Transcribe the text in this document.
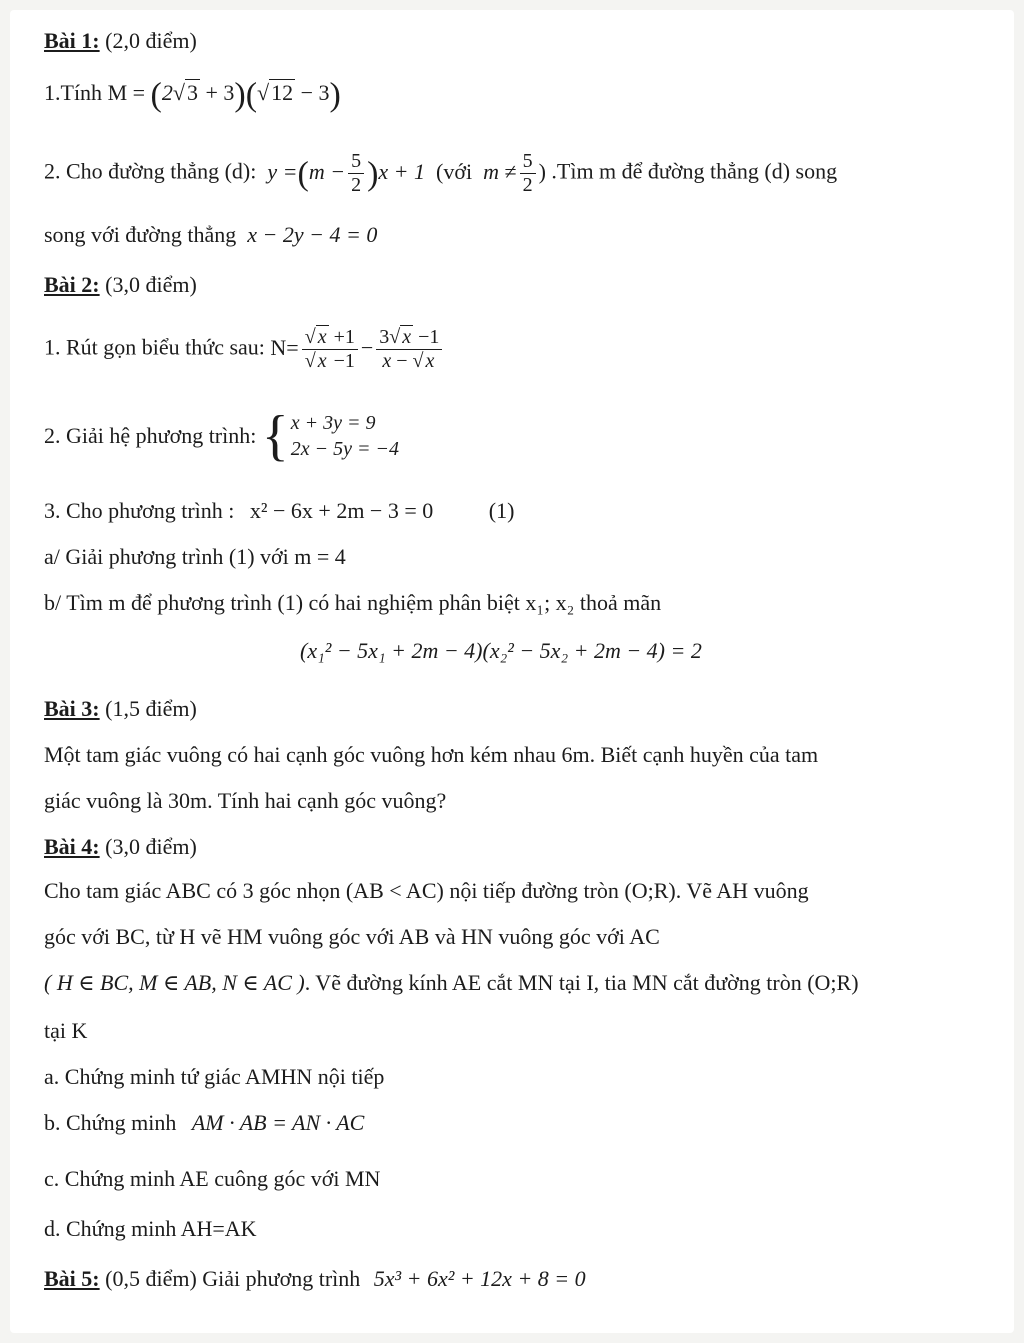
Bài 1: (2,0 điểm)
1.Tính M = (2√3 + 3)(√12 − 3)
2. Cho đường thẳng (d):  $y =(m - \frac{5}{2} )x + 1$  (với  $m \ne \frac{5}{2}$ ) .Tìm m để đường thẳng (d) song
song với đường thẳng x − 2y − 4 = 0
Bài 2: (3,0 điểm)
1. Rút gọn biểu thức sau: $N= \frac{√ x +1}{√ x -1} - \frac{3√ x -1}{x - √ x}$
2. Giải hệ phương trình: { x + 3y = 9
2x − 5y = −4
3. Cho phương trình : x² − 6x + 2m − 3 = 0	(1)
a/ Giải phương trình (1) với m = 4
b/ Tìm m để phương trình (1) có hai nghiệm phân biệt x₁; x₂ thoả mãn
(x₁² − 5x₁ + 2m − 4)(x₂² − 5x₂ + 2m − 4) = 2
Bài 3: (1,5 điểm)
Một tam giác vuông có hai cạnh góc vuông hơn kém nhau 6m. Biết cạnh huyền của tam
giác vuông là 30m. Tính hai cạnh góc vuông?
Bài 4: (3,0 điểm)
Cho tam giác ABC có 3 góc nhọn (AB < AC) nội tiếp đường tròn (O;R). Vẽ AH vuông
góc với BC, từ H vẽ HM vuông góc với AB và HN vuông góc với AC
( H ∈ BC, M ∈ AB, N ∈ AC ). Vẽ đường kính AE cắt MN tại I, tia MN cắt đường tròn (O;R)
tại K
a. Chứng minh tứ giác AMHN nội tiếp
b. Chứng minh AM · AB = AN · AC
c. Chứng minh AE cuông góc với MN
d. Chứng minh AH=AK
Bài 5: (0,5 điểm) Giải phương trình 5x³ + 6x² + 12x + 8 = 0
